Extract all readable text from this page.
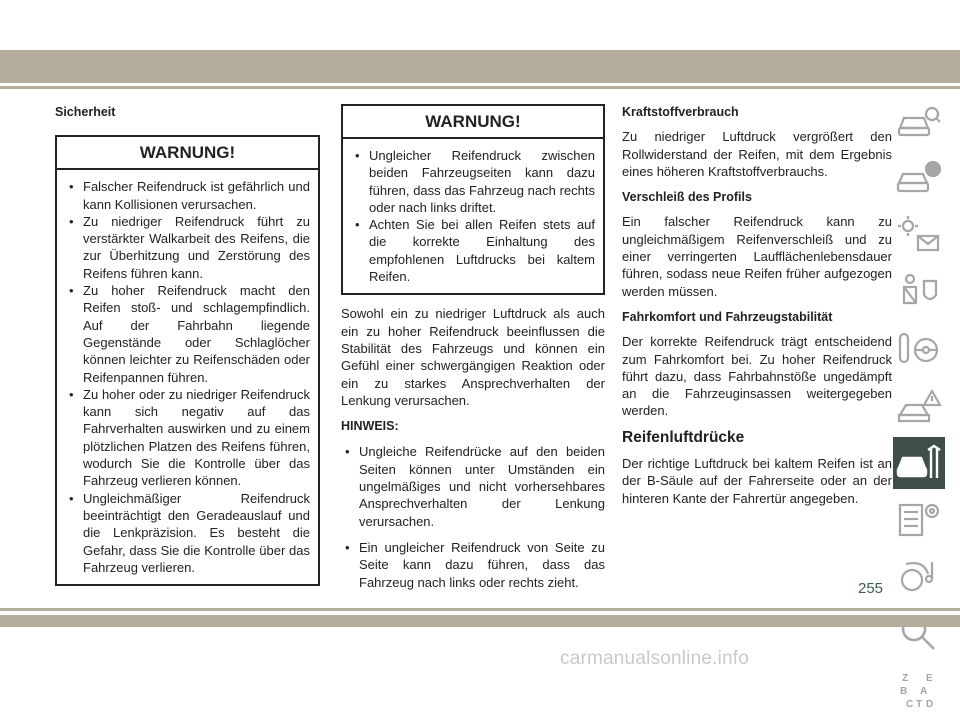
Sicherheit
WARNUNG!
• Falscher Reifendruck ist gefährlich und kann Kollisionen verursachen.
• Zu niedriger Reifendruck führt zu verstärkter Walkarbeit des Reifens, die zur Überhitzung und Zerstörung des Reifens führen kann.
• Zu hoher Reifendruck macht den Reifen stoß- und schlagempfindlich. Auf der Fahrbahn liegende Gegenstände oder Schlaglöcher können leichter zu Reifenschäden oder Reifenpannen führen.
• Zu hoher oder zu niedriger Reifendruck kann sich negativ auf das Fahrverhalten auswirken und zu einem plötzlichen Platzen des Reifens führen, wodurch Sie die Kontrolle über das Fahrzeug verlieren können.
• Ungleichmäßiger Reifendruck beeinträchtigt den Geradeauslauf und die Lenkpräzision. Es besteht die Gefahr, dass Sie die Kontrolle über das Fahrzeug verlieren.
WARNUNG!
• Ungleicher Reifendruck zwischen beiden Fahrzeugseiten kann dazu führen, dass das Fahrzeug nach rechts oder nach links driftet.
• Achten Sie bei allen Reifen stets auf die korrekte Einhaltung des empfohlenen Luftdrucks bei kaltem Reifen.
Sowohl ein zu niedriger Luftdruck als auch ein zu hoher Reifendruck beeinflussen die Stabilität des Fahrzeugs und können ein Gefühl einer schwergängigen Reaktion oder ein zu starkes Ansprechverhalten der Lenkung verursachen.
HINWEIS:
• Ungleiche Reifendrücke auf den beiden Seiten können unter Umständen ein ungelmäßiges und nicht vorhersehbares Ansprechverhalten der Lenkung verursachen.
• Ein ungleicher Reifendruck von Seite zu Seite kann dazu führen, dass das Fahrzeug nach links oder rechts zieht.
Kraftstoffverbrauch
Zu niedriger Luftdruck vergrößert den Rollwiderstand der Reifen, mit dem Ergebnis eines höheren Kraftstoffverbrauchs.
Verschleiß des Profils
Ein falscher Reifendruck kann zu ungleichmäßigem Reifenverschleiß und zu einer verringerten Laufflächenlebensdauer führen, sodass neue Reifen früher aufgezogen werden müssen.
Fahrkomfort und Fahrzeugstabilität
Der korrekte Reifendruck trägt entscheidend zum Fahrkomfort bei. Zu hoher Reifendruck führt dazu, dass Fahrbahnstöße ungedämpft an die Fahrzeuginsassen weitergegeben werden.
Reifenluftdrücke
Der richtige Luftdruck bei kaltem Reifen ist an der B-Säule auf der Fahrerseite oder an der hinteren Kante der Fahrertür angegeben.
Z E
B A
C D
T
255
carmanualsonline.info
